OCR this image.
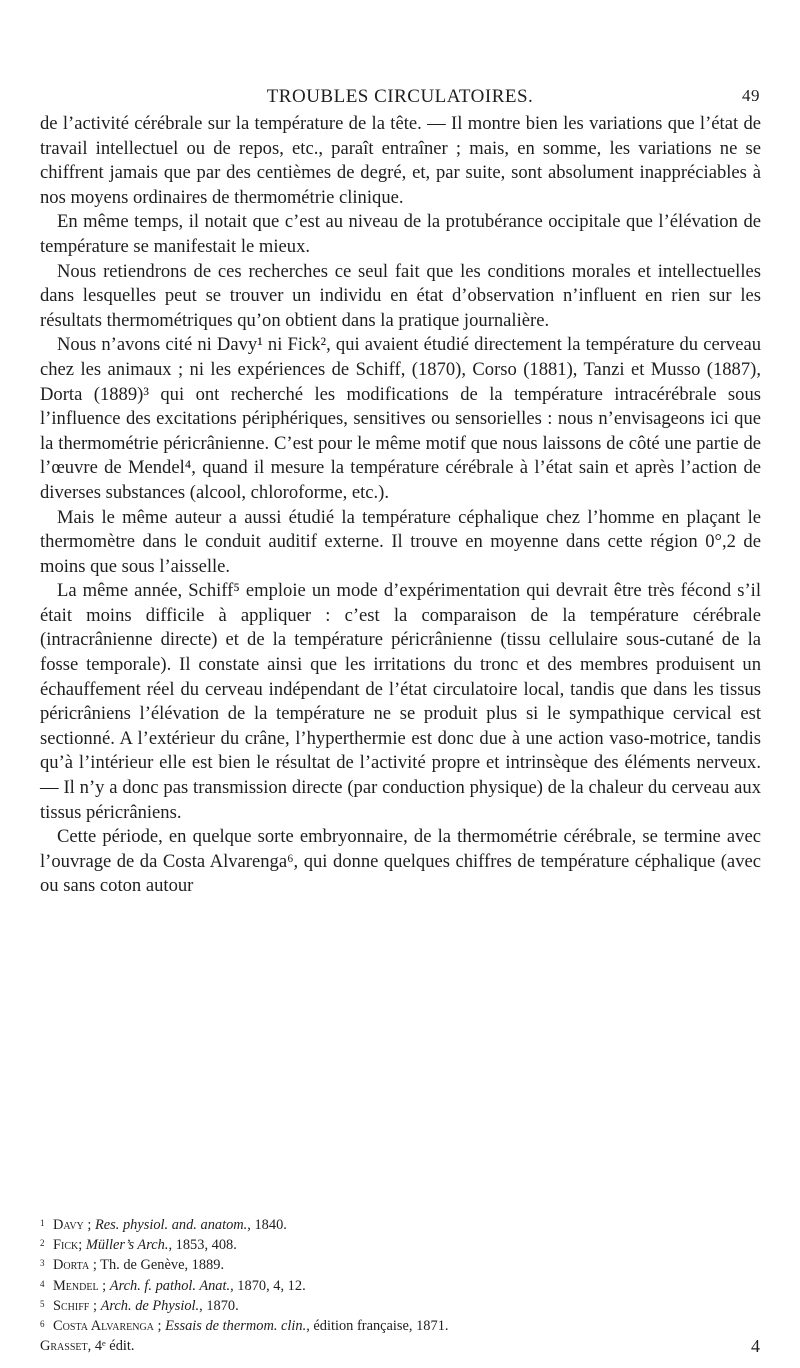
TROUBLES CIRCULATOIRES.	49

de l’activité cérébrale sur la température de la tête. — Il montre bien les variations que l’état de travail intellectuel ou de repos, etc., paraît entraîner ; mais, en somme, les variations ne se chiffrent jamais que par des centièmes de degré, et, par suite, sont absolument inappréciables à nos moyens ordinaires de thermométrie clinique.

En même temps, il notait que c’est au niveau de la protubérance occipitale que l’élévation de température se manifestait le mieux.

Nous retiendrons de ces recherches ce seul fait que les conditions morales et intellectuelles dans lesquelles peut se trouver un individu en état d’observation n’influent en rien sur les résultats thermométriques qu’on obtient dans la pratique journalière.

Nous n’avons cité ni Davy¹ ni Fick², qui avaient étudié directement la température du cerveau chez les animaux ; ni les expériences de Schiff, (1870), Corso (1881), Tanzi et Musso (1887), Dorta (1889)³ qui ont recherché les modifications de la température intracérébrale sous l’influence des excitations périphériques, sensitives ou sensorielles : nous n’envisageons ici que la thermométrie péricrânienne. C’est pour le même motif que nous laissons de côté une partie de l’œuvre de Mendel⁴, quand il mesure la température cérébrale à l’état sain et après l’action de diverses substances (alcool, chloroforme, etc.).

Mais le même auteur a aussi étudié la température céphalique chez l’homme en plaçant le thermomètre dans le conduit auditif externe. Il trouve en moyenne dans cette région 0°,2 de moins que sous l’aisselle.

La même année, Schiff⁵ emploie un mode d’expérimentation qui devrait être très fécond s’il était moins difficile à appliquer : c’est la comparaison de la température cérébrale (intracrânienne directe) et de la température péricrânienne (tissu cellulaire sous-cutané de la fosse temporale). Il constate ainsi que les irritations du tronc et des membres produisent un échauffement réel du cerveau indépendant de l’état circulatoire local, tandis que dans les tissus péricrâniens l’élévation de la température ne se produit plus si le sympathique cervical est sectionné. A l’extérieur du crâne, l’hyperthermie est donc due à une action vaso-motrice, tandis qu’à l’intérieur elle est bien le résultat de l’activité propre et intrinsèque des éléments nerveux. — Il n’y a donc pas transmission directe (par conduction physique) de la chaleur du cerveau aux tissus péricrâniens.

Cette période, en quelque sorte embryonnaire, de la thermométrie cérébrale, se termine avec l’ouvrage de da Costa Alvarenga⁶, qui donne quelques chiffres de température céphalique (avec ou sans coton autour

1 Davy ; Res. physiol. and. anatom., 1840.
2 Fick; Müller’s Arch., 1853, 408.
3 Dorta ; Th. de Genève, 1889.
4 Mendel ; Arch. f. pathol. Anat., 1870, 4, 12.
5 Schiff ; Arch. de Physiol., 1870.
6 Costa Alvarenga ; Essais de thermom. clin., édition française, 1871.
Grasset, 4ᵉ édit.	4
